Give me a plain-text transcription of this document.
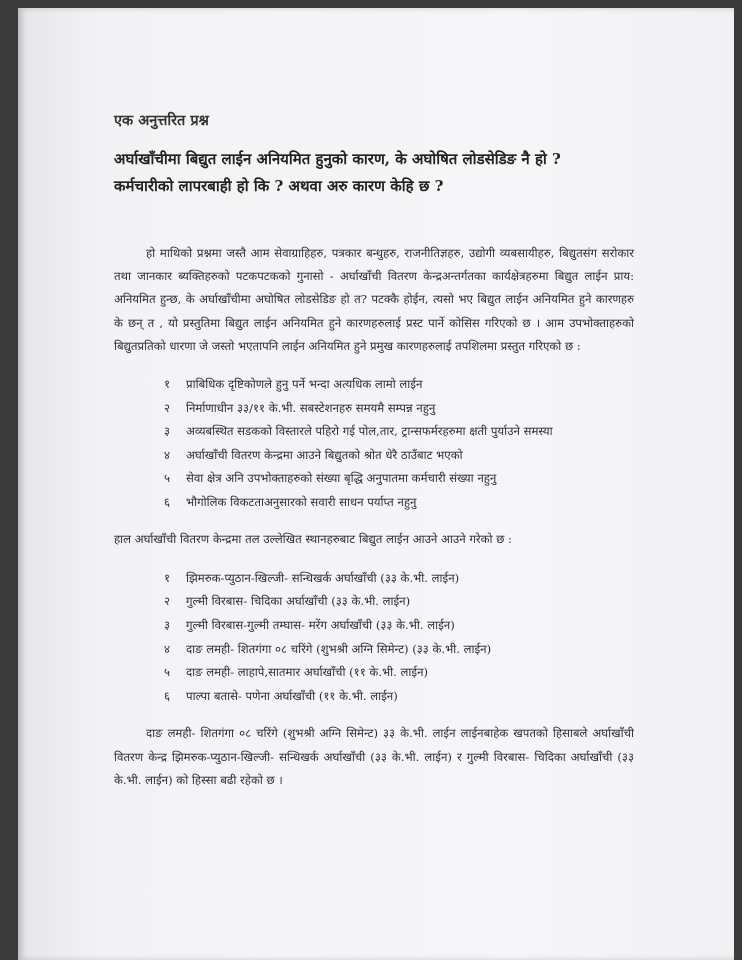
एक अनुत्तरित प्रश्न

अर्घाखाँचीमा बिद्युत लाईन अनियमित हुनुको कारण, के अघोषित लोडसेडिङ नै हो ?

कर्मचारीको लापरबाही हो कि ? अथवा अरु कारण केहि छ ?

हो माथिको प्रश्नमा जस्तै आम सेवाग्राहिहरु, पत्रकार बन्धुहरु, राजनीतिज्ञहरु, उद्योगी व्यबसायीहरु, बिद्युतसंग सरोकार तथा जानकार ब्यक्तिहरुको पटकपटकको गुनासो - अर्घाखाँची वितरण केन्द्रअन्तर्गतका कार्यक्षेत्रहरुमा बिद्युत लाईन प्राय: अनियमित हुन्छ, के अर्घाखाँचीमा अघोषित लोडसेडिङ हो त? पटक्कै होईन, त्यसो भए बिद्युत लाईन अनियमित हुने कारणहरु के छन् त , यो प्रस्तुतिमा बिद्युत लाईन अनियमित हुने कारणहरुलाई प्रस्ट पार्ने कोसिस गरिएको छ । आम उपभोक्ताहरुको बिद्युतप्रतिको धारणा जे जस्तो भएतापनि लाईन अनियमित हुने प्रमुख कारणहरुलाई तपशिलमा प्रस्तुत गरिएको छ :

१	प्राबिधिक दृष्टिकोणले हुनु पर्ने भन्दा अत्यधिक लामो लाईन
२	निर्माणाधीन ३३/११ के.भी. सबस्टेशनहरु समयमै सम्पन्न नहुनु
३	अव्यबस्थित सडकको विस्तारले पहिरो गई पोल,तार, ट्रान्सफर्मरहरुमा क्षती पुर्याउने समस्या
४	अर्घाखाँची वितरण केन्द्रमा आउने बिद्युतको श्रोत धेरै ठाउँबाट भएको
५	सेवा क्षेत्र अनि उपभोक्ताहरुको संख्या बृद्धि अनुपातमा कर्मचारी संख्या नहुनु
६	भौगोलिक विकटताअनुसारको सवारी साधन पर्याप्त नहुनु

हाल अर्घाखाँची वितरण केन्द्रमा तल उल्लेखित स्थानहरुबाट बिद्युत लाईन आउने आउने गरेको छ :

१	झिमरुक-प्युठान-खिल्जी- सन्धिखर्क अर्घाखाँची (३३ के.भी. लाईन)
२	गुल्मी विरबास- चिदिका अर्घाखाँची (३३ के.भी. लाईन)
३	गुल्मी विरबास-गुल्मी तम्घास- मरेंग अर्घाखाँची (३३ के.भी. लाईन)
४	दाङ लमही- शितगंगा ०८ चरिंगे (शुभश्री अग्नि सिमेन्ट) (३३ के.भी. लाईन)
५	दाङ लमही- लाहापे,सातमार अर्घाखाँची (११ के.भी. लाईन)
६	पाल्पा बतासे- पणेना अर्घाखाँची (११ के.भी. लाईन)

दाङ लमही- शितगंगा ०८ चरिंगे (शुभश्री अग्नि सिमेन्ट) ३३ के.भी. लाईन लाईनबाहेक खपतको हिसाबले अर्घाखाँची वितरण केन्द्र झिमरुक-प्युठान-खिल्जी- सन्धिखर्क अर्घाखाँची (३३ के.भी. लाईन) र गुल्मी विरबास- चिदिका अर्घाखाँची (३३ के.भी. लाईन) को हिस्सा बढी रहेको छ ।
